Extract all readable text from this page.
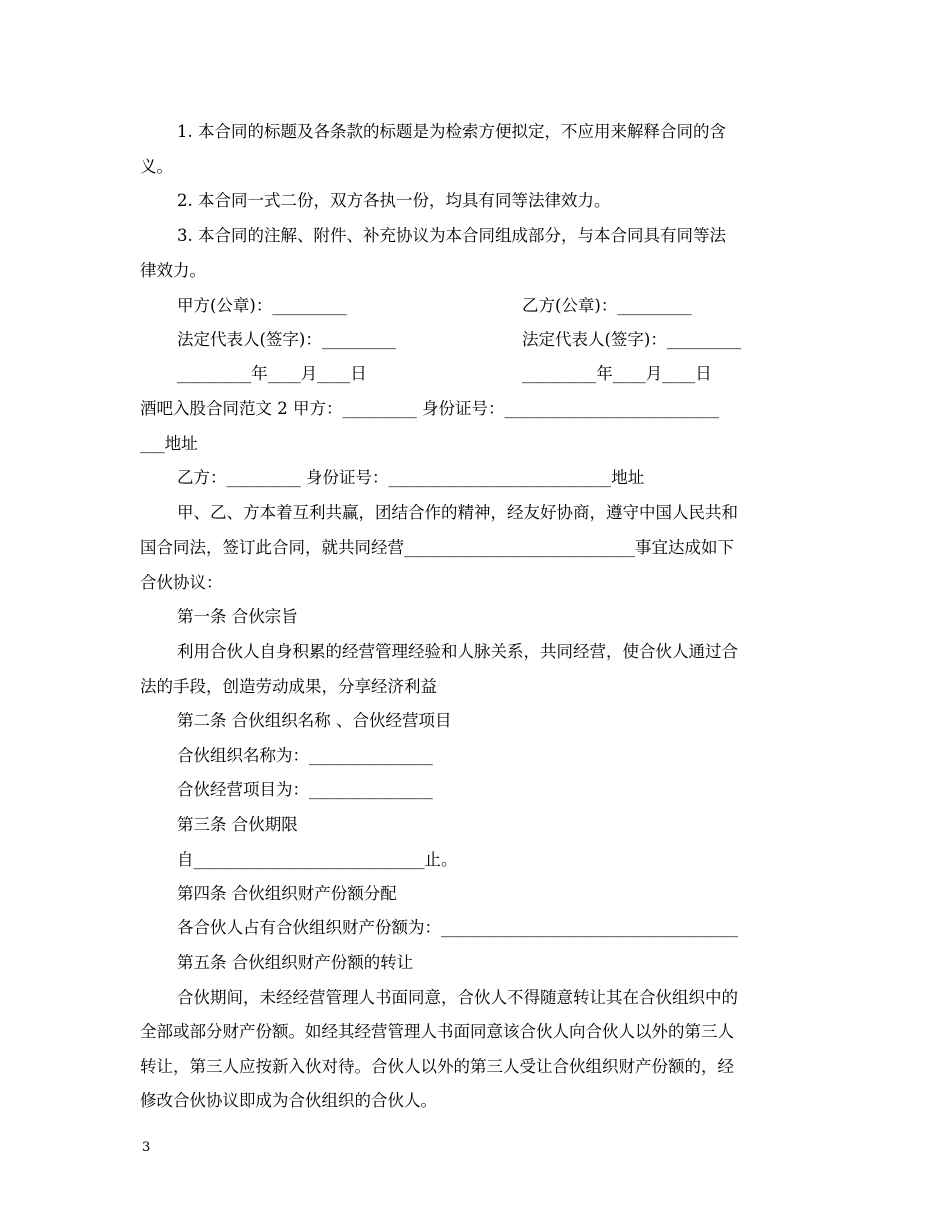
1. 本合同的标题及各条款的标题是为检索方便拟定，不应用来解释合同的含
义。
2. 本合同一式二份，双方各执一份，均具有同等法律效力。
3. 本合同的注解、附件、补充协议为本合同组成部分，与本合同具有同等法
律效力。
甲方(公章)：_________	乙方(公章)：_________
法定代表人(签字)：_________	法定代表人(签字)：_________
_________年____月____日	_________年____月____日
酒吧入股合同范文 2 甲方：_________ 身份证号：__________________________
___地址
乙方：_________ 身份证号：___________________________地址
甲、乙、方本着互利共赢，团结合作的精神，经友好协商，遵守中国人民共和
国合同法，签订此合同，就共同经营____________________________事宜达成如下
合伙协议：
第一条 合伙宗旨
利用合伙人自身积累的经营管理经验和人脉关系，共同经营，使合伙人通过合
法的手段，创造劳动成果，分享经济利益
第二条 合伙组织名称 、合伙经营项目
合伙组织名称为：_______________
合伙经营项目为：_______________
第三条 合伙期限
自____________________________止。
第四条 合伙组织财产份额分配
各合伙人占有合伙组织财产份额为：____________________________________
第五条 合伙组织财产份额的转让
合伙期间，未经经营管理人书面同意，合伙人不得随意转让其在合伙组织中的
全部或部分财产份额。如经其经营管理人书面同意该合伙人向合伙人以外的第三人
转让，第三人应按新入伙对待。合伙人以外的第三人受让合伙组织财产份额的，经
修改合伙协议即成为合伙组织的合伙人。
3
